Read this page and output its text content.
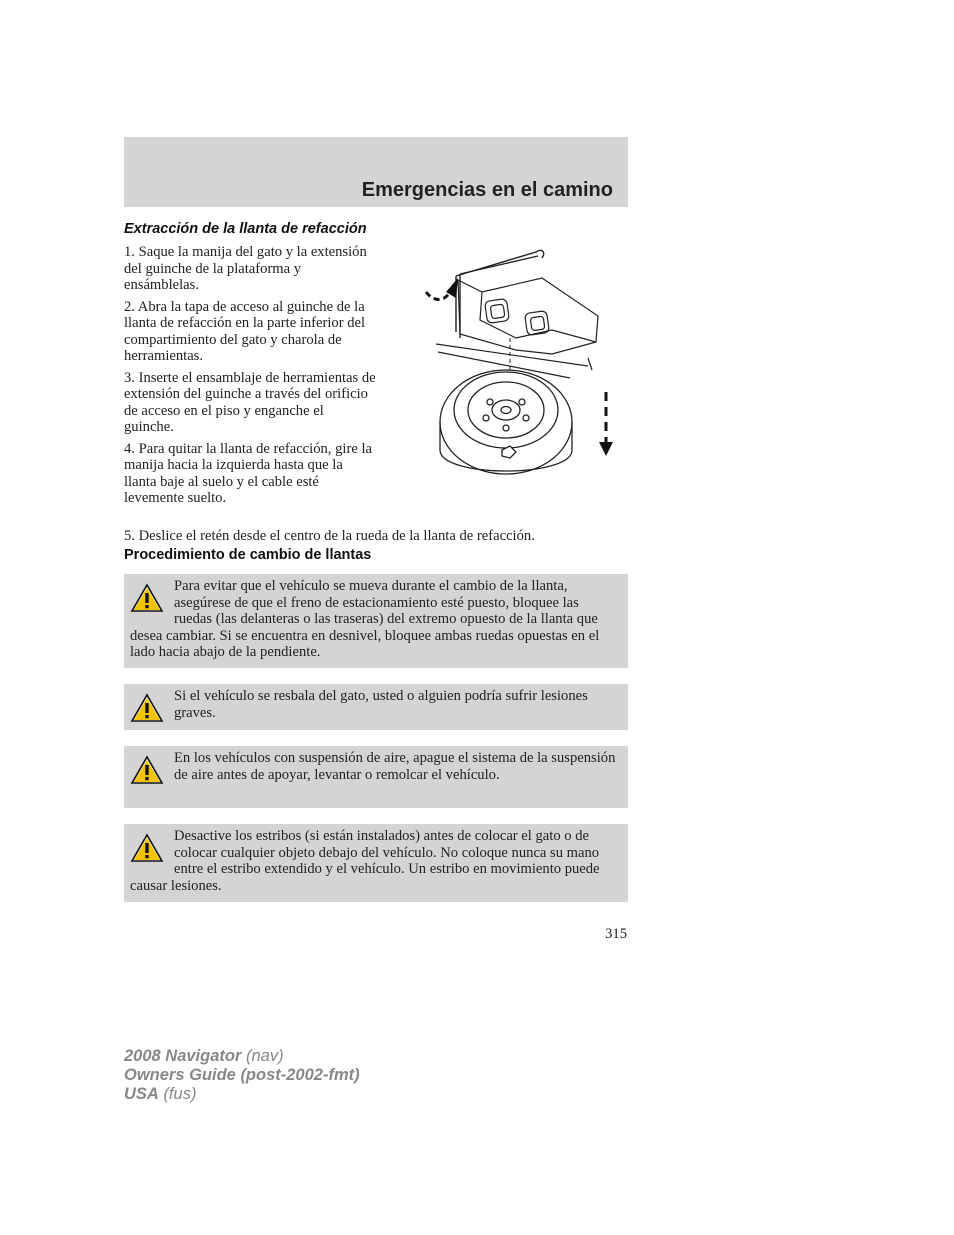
Emergencias en el camino
Extracción de la llanta de refacción

1. Saque la manija del gato y la extensión del guinche de la plataforma y ensámblelas.

2. Abra la tapa de acceso al guinche de la llanta de refacción en la parte inferior del compartimiento del gato y charola de herramientas.

3. Inserte el ensamblaje de herramientas de extensión del guinche a través del orificio de acceso en el piso y enganche el guinche.

4. Para quitar la llanta de refacción, gire la manija hacia la izquierda hasta que la llanta baje al suelo y el cable esté levemente suelto.

5. Deslice el retén desde el centro de la rueda de la llanta de refacción.
Procedimiento de cambio de llantas
Para evitar que el vehículo se mueva durante el cambio de la llanta, asegúrese de que el freno de estacionamiento esté puesto, bloquee las ruedas (las delanteras o las traseras) del extremo opuesto de la llanta que desea cambiar. Si se encuentra en desnivel, bloquee ambas ruedas opuestas en el lado hacia abajo de la pendiente.
Si el vehículo se resbala del gato, usted o alguien podría sufrir lesiones graves.
En los vehículos con suspensión de aire, apague el sistema de la suspensión de aire antes de apoyar, levantar o remolcar el vehículo.
Desactive los estribos (si están instalados) antes de colocar el gato o de colocar cualquier objeto debajo del vehículo. No coloque nunca su mano entre el estribo extendido y el vehículo. Un estribo en movimiento puede causar lesiones.
315
2008 Navigator (nav)
Owners Guide (post-2002-fmt)
USA (fus)
